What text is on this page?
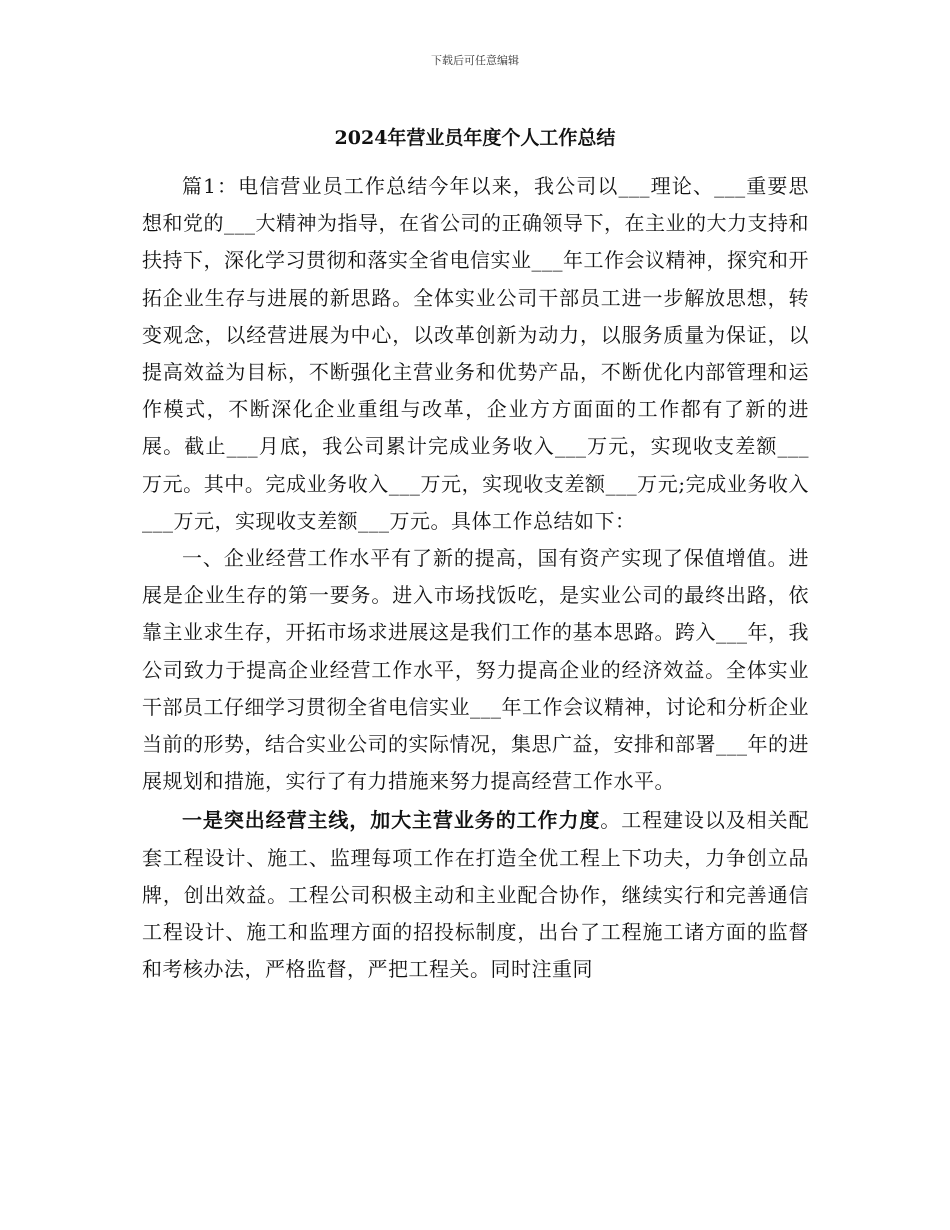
下载后可任意编辑
2024年营业员年度个人工作总结

篇1：电信营业员工作总结今年以来，我公司以___理论、___重要思想和党的___大精神为指导，在省公司的正确领导下，在主业的大力支持和扶持下，深化学习贯彻和落实全省电信实业___年工作会议精神，探究和开拓企业生存与进展的新思路。全体实业公司干部员工进一步解放思想，转变观念，以经营进展为中心，以改革创新为动力，以服务质量为保证，以提高效益为目标，不断强化主营业务和优势产品，不断优化内部管理和运作模式，不断深化企业重组与改革，企业方方面面的工作都有了新的进展。截止___月底，我公司累计完成业务收入___万元，实现收支差额___万元。其中。完成业务收入___万元，实现收支差额___万元;完成业务收入___万元，实现收支差额___万元。具体工作总结如下：

一、企业经营工作水平有了新的提高，国有资产实现了保值增值。进展是企业生存的第一要务。进入市场找饭吃，是实业公司的最终出路，依靠主业求生存，开拓市场求进展这是我们工作的基本思路。跨入___年，我公司致力于提高企业经营工作水平，努力提高企业的经济效益。全体实业干部员工仔细学习贯彻全省电信实业___年工作会议精神，讨论和分析企业当前的形势，结合实业公司的实际情况，集思广益，安排和部署___年的进展规划和措施，实行了有力措施来努力提高经营工作水平。

一是突出经营主线，加大主营业务的工作力度。工程建设以及相关配套工程设计、施工、监理每项工作在打造全优工程上下功夫，力争创立品牌，创出效益。工程公司积极主动和主业配合协作，继续实行和完善通信工程设计、施工和监理方面的招投标制度，出台了工程施工诸方面的监督和考核办法，严格监督，严把工程关。同时注重同
